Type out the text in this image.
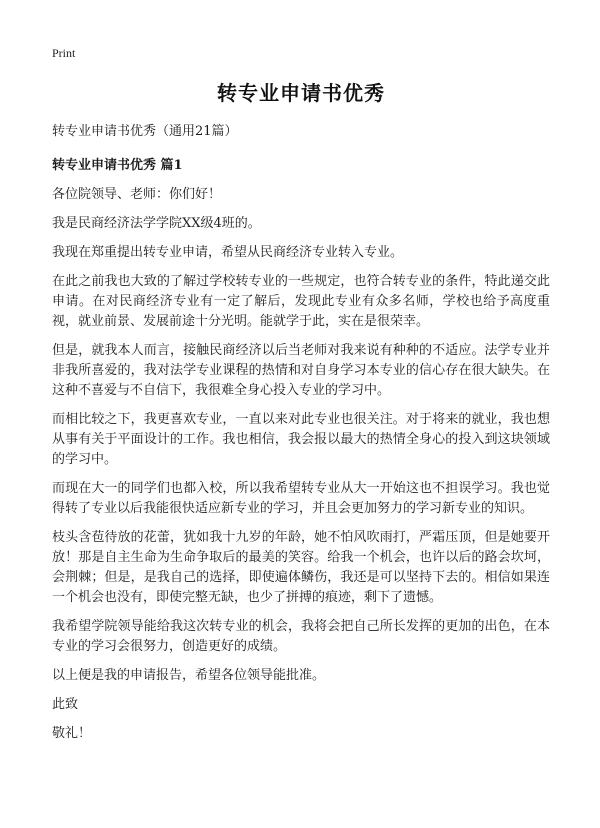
Print

转专业申请书优秀

转专业申请书优秀（通用21篇）

转专业申请书优秀 篇1

各位院领导、老师：你们好！

我是民商经济法学学院XX级4班的。

我现在郑重提出转专业申请，希望从民商经济专业转入专业。

在此之前我也大致的了解过学校转专业的一些规定，也符合转专业的条件，特此递交此申请。在对民商经济专业有一定了解后，发现此专业有众多名师，学校也给予高度重视，就业前景、发展前途十分光明。能就学于此，实在是很荣幸。

但是，就我本人而言，接触民商经济以后当老师对我来说有种种的不适应。法学专业并非我所喜爱的，我对法学专业课程的热情和对自身学习本专业的信心存在很大缺失。在这种不喜爱与不自信下，我很难全身心投入专业的学习中。

而相比较之下，我更喜欢专业，一直以来对此专业也很关注。对于将来的就业，我也想从事有关于平面设计的工作。我也相信，我会报以最大的热情全身心的投入到这块领域的学习中。

而现在大一的同学们也都入校，所以我希望转专业从大一开始这也不担误学习。我也觉得转了专业以后我能很快适应新专业的学习，并且会更加努力的学习新专业的知识。

枝头含苞待放的花蕾，犹如我十九岁的年龄，她不怕风吹雨打，严霜压顶，但是她要开放！那是自主生命为生命争取后的最美的笑容。给我一个机会，也许以后的路会坎坷，会荆棘；但是，是我自己的选择，即使遍体鳞伤，我还是可以坚持下去的。相信如果连一个机会也没有，即使完整无缺，也少了拼搏的痕迹，剩下了遗憾。

我希望学院领导能给我这次转专业的机会，我将会把自己所长发挥的更加的出色，在本专业的学习会很努力，创造更好的成绩。

以上便是我的申请报告，希望各位领导能批准。

此致

敬礼！
